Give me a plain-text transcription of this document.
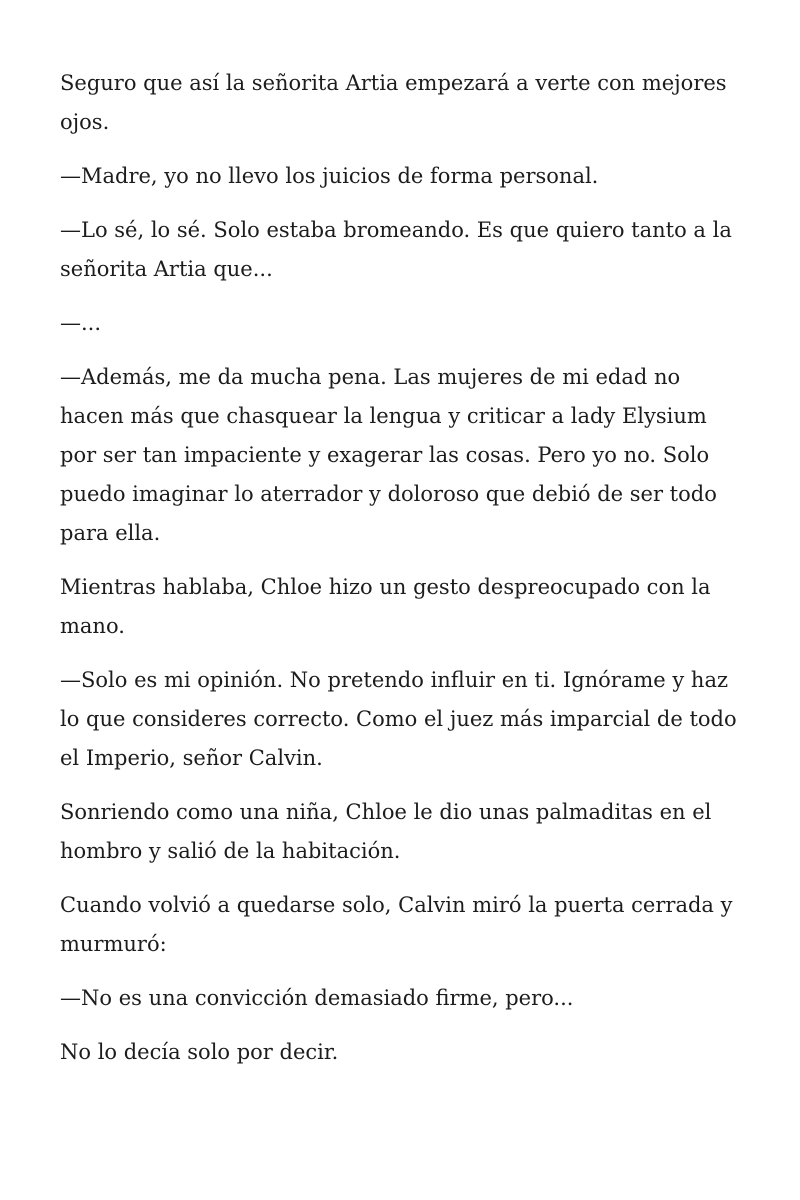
Seguro que así la señorita Artia empezará a verte con mejores ojos.

—Madre, yo no llevo los juicios de forma personal.

—Lo sé, lo sé. Solo estaba bromeando. Es que quiero tanto a la señorita Artia que...

—...

—Además, me da mucha pena. Las mujeres de mi edad no hacen más que chasquear la lengua y criticar a lady Elysium por ser tan impaciente y exagerar las cosas. Pero yo no. Solo puedo imaginar lo aterrador y doloroso que debió de ser todo para ella.

Mientras hablaba, Chloe hizo un gesto despreocupado con la mano.

—Solo es mi opinión. No pretendo influir en ti. Ignórame y haz lo que consideres correcto. Como el juez más imparcial de todo el Imperio, señor Calvin.

Sonriendo como una niña, Chloe le dio unas palmaditas en el hombro y salió de la habitación.

Cuando volvió a quedarse solo, Calvin miró la puerta cerrada y murmuró:

—No es una convicción demasiado firme, pero...

No lo decía solo por decir.
